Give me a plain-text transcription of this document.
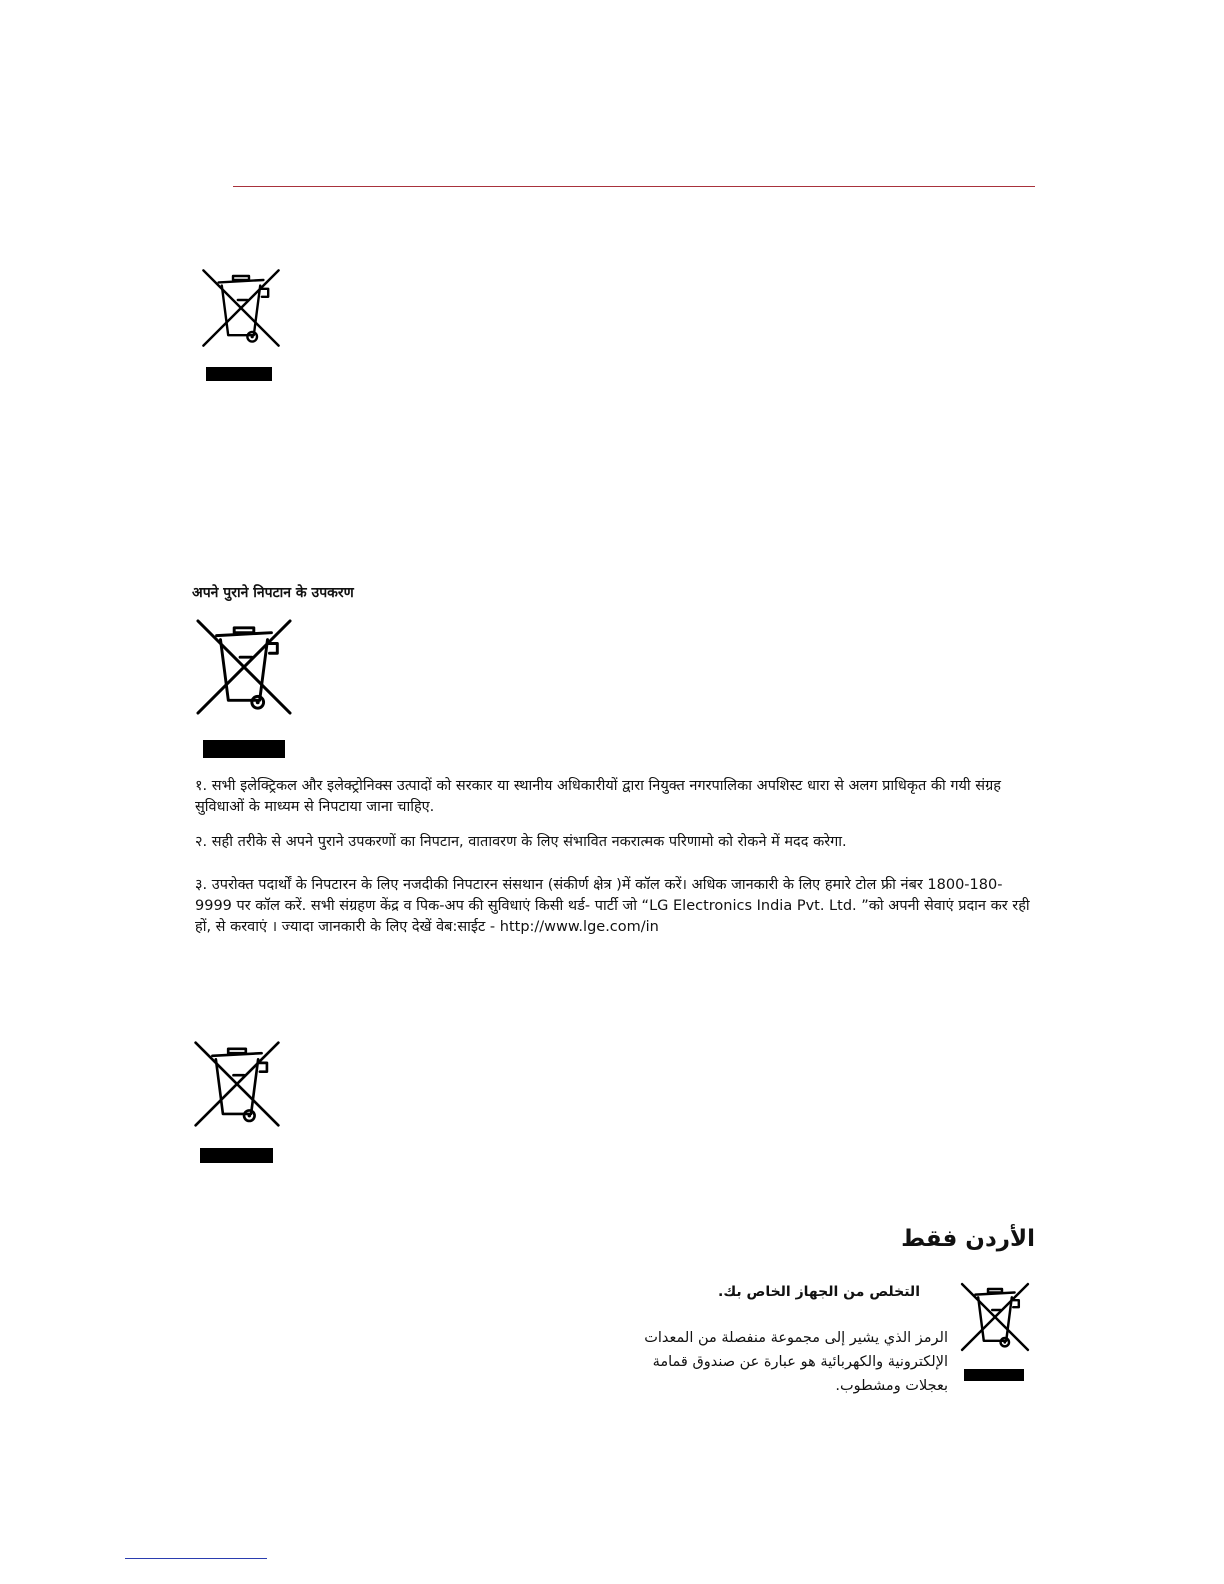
अपने पुराने निपटान के उपकरण

१. सभी इलेक्ट्रिकल और इलेक्ट्रोनिक्स उत्पादों को सरकार या स्थानीय अधिकारीयों द्वारा नियुक्त नगरपालिका अपशिस्ट धारा से अलग प्राधिकृत की गयी संग्रह सुविधाओं के माध्यम से निपटाया जाना चाहिए.

२. सही तरीके से अपने पुराने उपकरणों का निपटान, वातावरण के लिए संभावित नकरात्मक परिणामो को रोकने में मदद करेगा.

३. उपरोक्त पदार्थों के निपटारन के लिए नजदीकी निपटारन संसथान (संकीर्ण क्षेत्र )में कॉल करें। अधिक जानकारी के लिए हमारे टोल फ्री नंबर 1800-180-9999 पर कॉल करें. सभी संग्रहण केंद्र व पिक-अप की सुविधाएं किसी थर्ड- पार्टी जो “LG Electronics India Pvt. Ltd. ”को अपनी सेवाएं प्रदान कर रही हों, से करवाएं । ज्यादा जानकारी के लिए देखें वेब:साईट - http://www.lge.com/in

الأردن فقط
التخلص من الجهاز الخاص بك.

الرمز الذي يشير إلى مجموعة منفصلة من المعدات الإلكترونية والكهربائية هو عبارة عن صندوق قمامة بعجلات ومشطوب.
